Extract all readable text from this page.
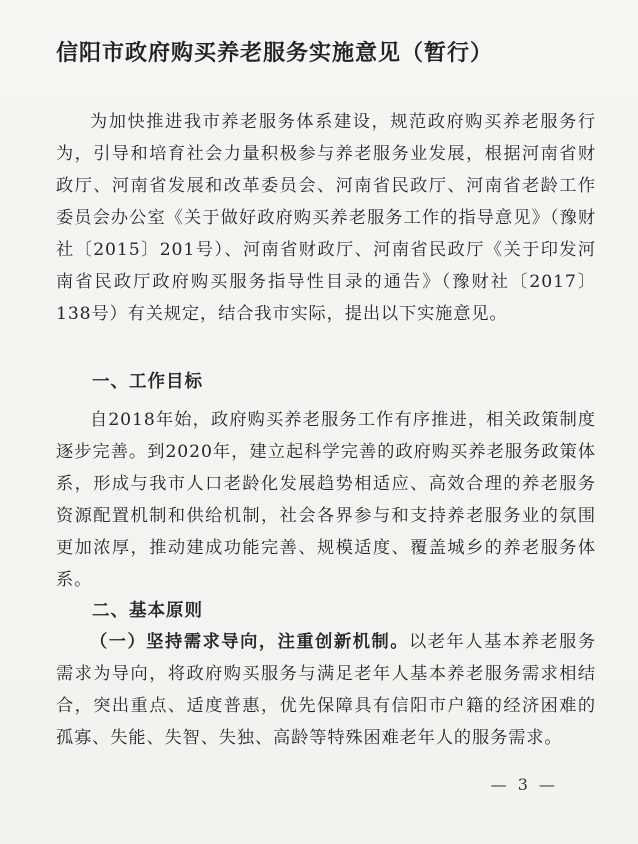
信阳市政府购买养老服务实施意见（暂行）
为加快推进我市养老服务体系建设，规范政府购买养老服务行为，引导和培育社会力量积极参与养老服务业发展，根据河南省财政厅、河南省发展和改革委员会、河南省民政厅、河南省老龄工作委员会办公室《关于做好政府购买养老服务工作的指导意见》（豫财社〔2015〕201号）、河南省财政厅、河南省民政厅《关于印发河南省民政厅政府购买服务指导性目录的通告》（豫财社〔2017〕138号）有关规定，结合我市实际，提出以下实施意见。
一、工作目标
自2018年始，政府购买养老服务工作有序推进，相关政策制度逐步完善。到2020年，建立起科学完善的政府购买养老服务政策体系，形成与我市人口老龄化发展趋势相适应、高效合理的养老服务资源配置机制和供给机制，社会各界参与和支持养老服务业的氛围更加浓厚，推动建成功能完善、规模适度、覆盖城乡的养老服务体系。
二、基本原则
（一）坚持需求导向，注重创新机制。以老年人基本养老服务需求为导向，将政府购买服务与满足老年人基本养老服务需求相结合，突出重点、适度普惠，优先保障具有信阳市户籍的经济困难的孤寡、失能、失智、失独、高龄等特殊困难老年人的服务需求。
— 3 —
